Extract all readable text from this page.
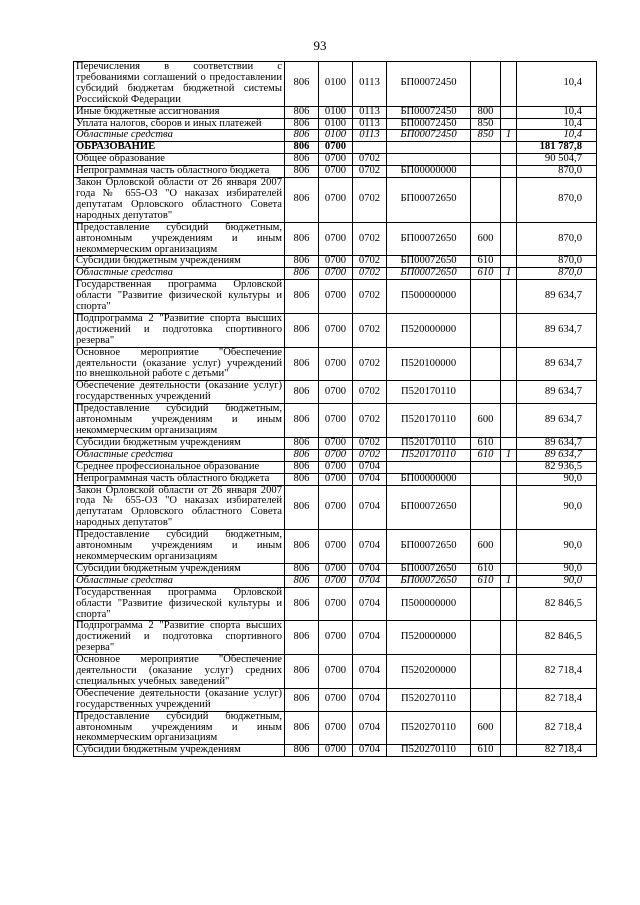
93
Перечисления в соответствии с требованиями соглашений о предоставлении субсидий бюджетам бюджетной системы Российской Федерации	806	0100	0113	БП00072450			10,4
Иные бюджетные ассигнования	806	0100	0113	БП00072450	800		10,4
Уплата налогов, сборов и иных платежей	806	0100	0113	БП00072450	850		10,4
Областные средства	806	0100	0113	БП00072450	850	1	10,4
ОБРАЗОВАНИЕ	806	0700					181 787,8
Общее образование	806	0700	0702				90 504,7
Непрограммная часть областного бюджета	806	0700	0702	БП00000000			870,0
Закон Орловской области от 26 января 2007 года № 655-ОЗ "О наказах избирателей депутатам Орловского областного Совета народных депутатов"	806	0700	0702	БП00072650			870,0
Предоставление субсидий бюджетным, автономным учреждениям и иным некоммерческим организациям	806	0700	0702	БП00072650	600		870,0
Субсидии бюджетным учреждениям	806	0700	0702	БП00072650	610		870,0
Областные средства	806	0700	0702	БП00072650	610	1	870,0
Государственная программа Орловской области "Развитие физической культуры и спорта"	806	0700	0702	П500000000			89 634,7
Подпрограмма 2 "Развитие спорта высших достижений и подготовка спортивного резерва"	806	0700	0702	П520000000			89 634,7
Основное мероприятие "Обеспечение деятельности (оказание услуг) учреждений по внешкольной работе с детьми"	806	0700	0702	П520100000			89 634,7
Обеспечение деятельности (оказание услуг) государственных учреждений	806	0700	0702	П520170110			89 634,7
Предоставление субсидий бюджетным, автономным учреждениям и иным некоммерческим организациям	806	0700	0702	П520170110	600		89 634,7
Субсидии бюджетным учреждениям	806	0700	0702	П520170110	610		89 634,7
Областные средства	806	0700	0702	П520170110	610	1	89 634,7
Среднее профессиональное образование	806	0700	0704				82 936,5
Непрограммная часть областного бюджета	806	0700	0704	БП00000000			90,0
Закон Орловской области от 26 января 2007 года № 655-ОЗ "О наказах избирателей депутатам Орловского областного Совета народных депутатов"	806	0700	0704	БП00072650			90,0
Предоставление субсидий бюджетным, автономным учреждениям и иным некоммерческим организациям	806	0700	0704	БП00072650	600		90,0
Субсидии бюджетным учреждениям	806	0700	0704	БП00072650	610		90,0
Областные средства	806	0700	0704	БП00072650	610	1	90,0
Государственная программа Орловской области "Развитие физической культуры и спорта"	806	0700	0704	П500000000			82 846,5
Подпрограмма 2 "Развитие спорта высших достижений и подготовка спортивного резерва"	806	0700	0704	П520000000			82 846,5
Основное мероприятие "Обеспечение деятельности (оказание услуг) средних специальных учебных заведений"	806	0700	0704	П520200000			82 718,4
Обеспечение деятельности (оказание услуг) государственных учреждений	806	0700	0704	П520270110			82 718,4
Предоставление субсидий бюджетным, автономным учреждениям и иным некоммерческим организациям	806	0700	0704	П520270110	600		82 718,4
Субсидии бюджетным учреждениям	806	0700	0704	П520270110	610		82 718,4
